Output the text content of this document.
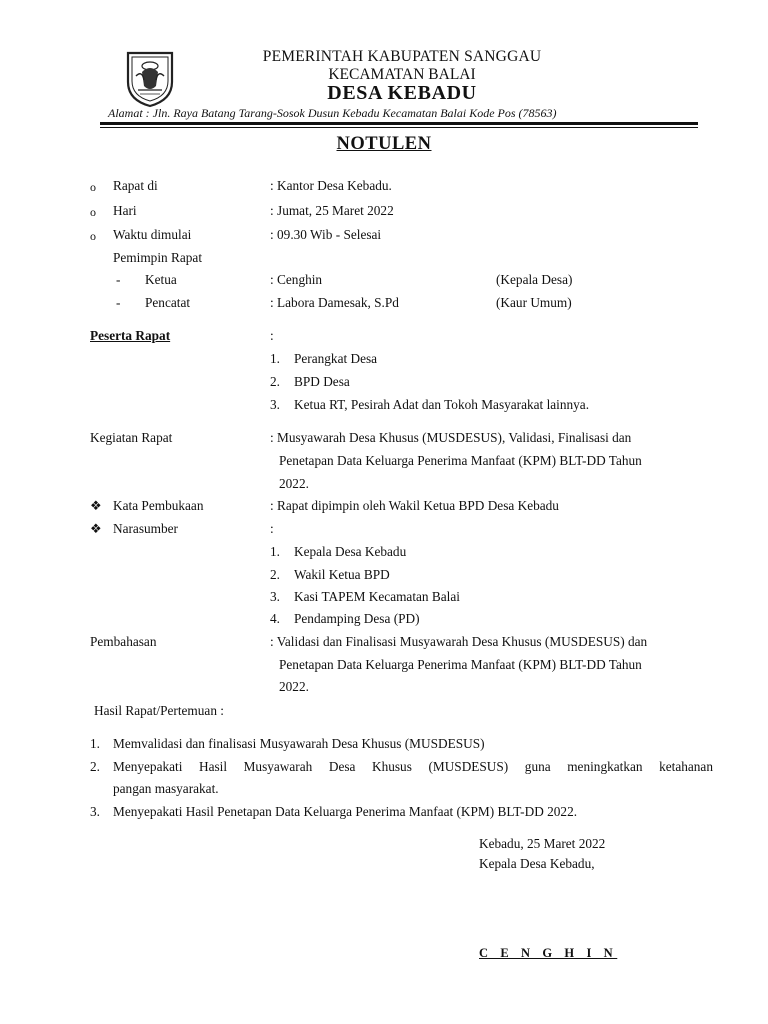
PEMERINTAH KABUPATEN SANGGAU
KECAMATAN BALAI
DESA KEBADU
Alamat : Jln. Raya Batang Tarang-Sosok Dusun Kebadu Kecamatan Balai Kode Pos (78563)
NOTULEN
o Rapat di	: Kantor Desa Kebadu.
o Hari	: Jumat, 25 Maret 2022
o Waktu dimulai	: 09.30 Wib - Selesai
Pemimpin Rapat
- Ketua	: Cenghin	(Kepala Desa)
- Pencatat	: Labora Damesak, S.Pd	(Kaur Umum)
Peserta Rapat	:
1. Perangkat Desa
2. BPD Desa
3. Ketua RT, Pesirah Adat dan Tokoh Masyarakat lainnya.
Kegiatan Rapat	: Musyawarah Desa Khusus (MUSDESUS), Validasi, Finalisasi dan
Penetapan Data Keluarga Penerima Manfaat (KPM) BLT-DD Tahun
2022.
❖ Kata Pembukaan	: Rapat dipimpin oleh Wakil Ketua BPD Desa Kebadu
❖ Narasumber	:
1. Kepala Desa Kebadu
2. Wakil Ketua BPD
3. Kasi TAPEM Kecamatan Balai
4. Pendamping Desa (PD)
Pembahasan	: Validasi dan Finalisasi Musyawarah Desa Khusus (MUSDESUS) dan
Penetapan Data Keluarga Penerima Manfaat (KPM) BLT-DD Tahun
2022.
Hasil Rapat/Pertemuan :
1. Memvalidasi dan finalisasi Musyawarah Desa Khusus (MUSDESUS)
2. Menyepakati Hasil Musyawarah Desa Khusus (MUSDESUS) guna meningkatkan ketahanan
pangan masyarakat.
3. Menyepakati Hasil Penetapan Data Keluarga Penerima Manfaat (KPM) BLT-DD 2022.
Kebadu, 25 Maret 2022
Kepala Desa Kebadu,
C E N G H I N
